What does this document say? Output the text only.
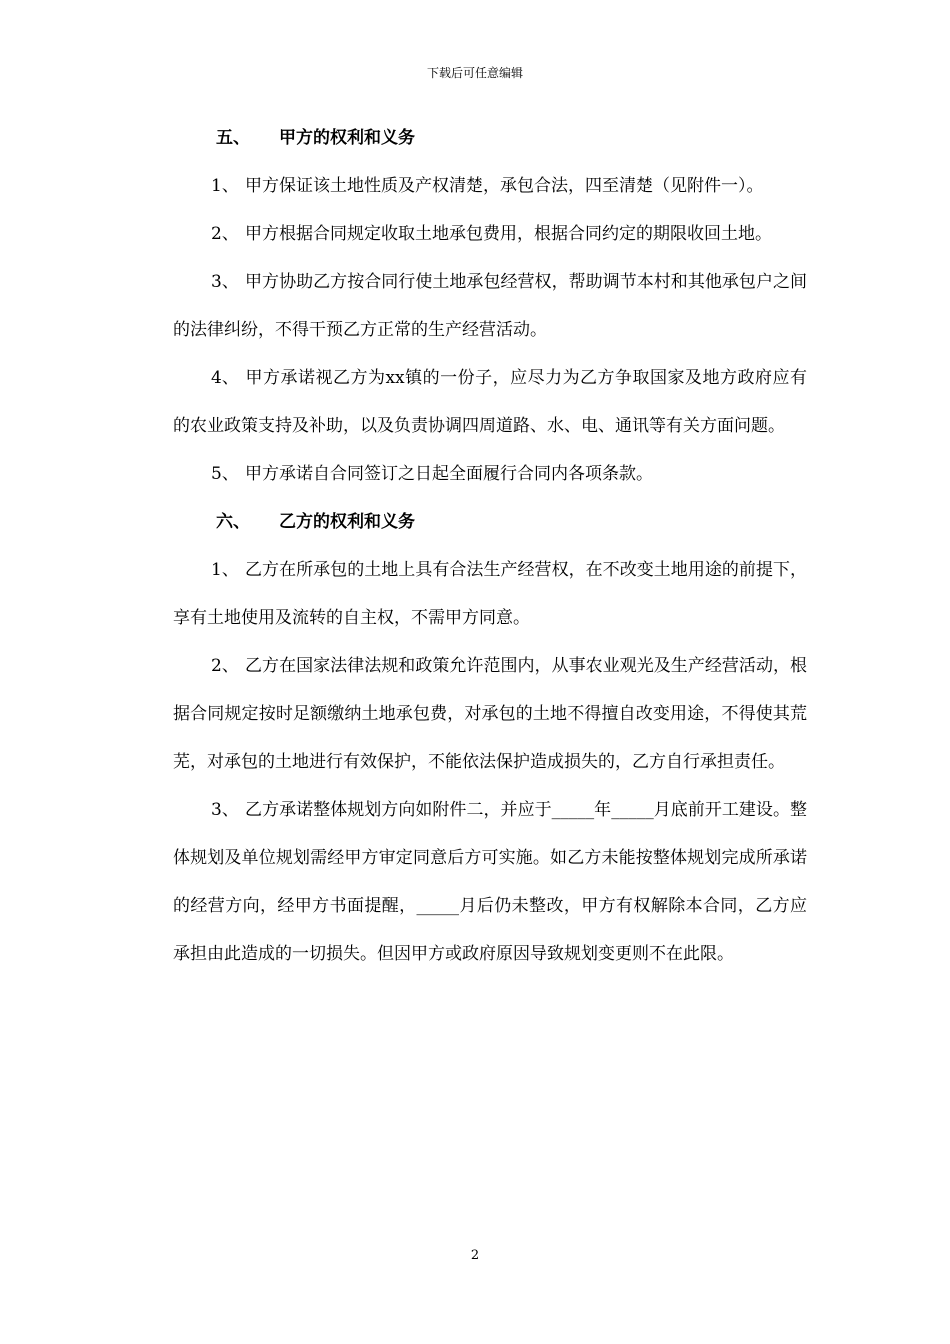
下载后可任意编辑
五、 甲方的权利和义务

1、 甲方保证该土地性质及产权清楚，承包合法，四至清楚（见附件一）。

2、 甲方根据合同规定收取土地承包费用，根据合同约定的期限收回土地。

3、 甲方协助乙方按合同行使土地承包经营权，帮助调节本村和其他承包户之间的法律纠纷，不得干预乙方正常的生产经营活动。

4、 甲方承诺视乙方为xx镇的一份子，应尽力为乙方争取国家及地方政府应有的农业政策支持及补助，以及负责协调四周道路、水、电、通讯等有关方面问题。

5、 甲方承诺自合同签订之日起全面履行合同内各项条款。

六、 乙方的权利和义务

1、 乙方在所承包的土地上具有合法生产经营权，在不改变土地用途的前提下，享有土地使用及流转的自主权，不需甲方同意。

2、 乙方在国家法律法规和政策允许范围内，从事农业观光及生产经营活动，根据合同规定按时足额缴纳土地承包费，对承包的土地不得擅自改变用途，不得使其荒芜，对承包的土地进行有效保护，不能依法保护造成损失的，乙方自行承担责任。

3、 乙方承诺整体规划方向如附件二，并应于_____年_____月底前开工建设。整体规划及单位规划需经甲方审定同意后方可实施。如乙方未能按整体规划完成所承诺的经营方向，经甲方书面提醒，_____月后仍未整改，甲方有权解除本合同，乙方应承担由此造成的一切损失。但因甲方或政府原因导致规划变更则不在此限。

2
